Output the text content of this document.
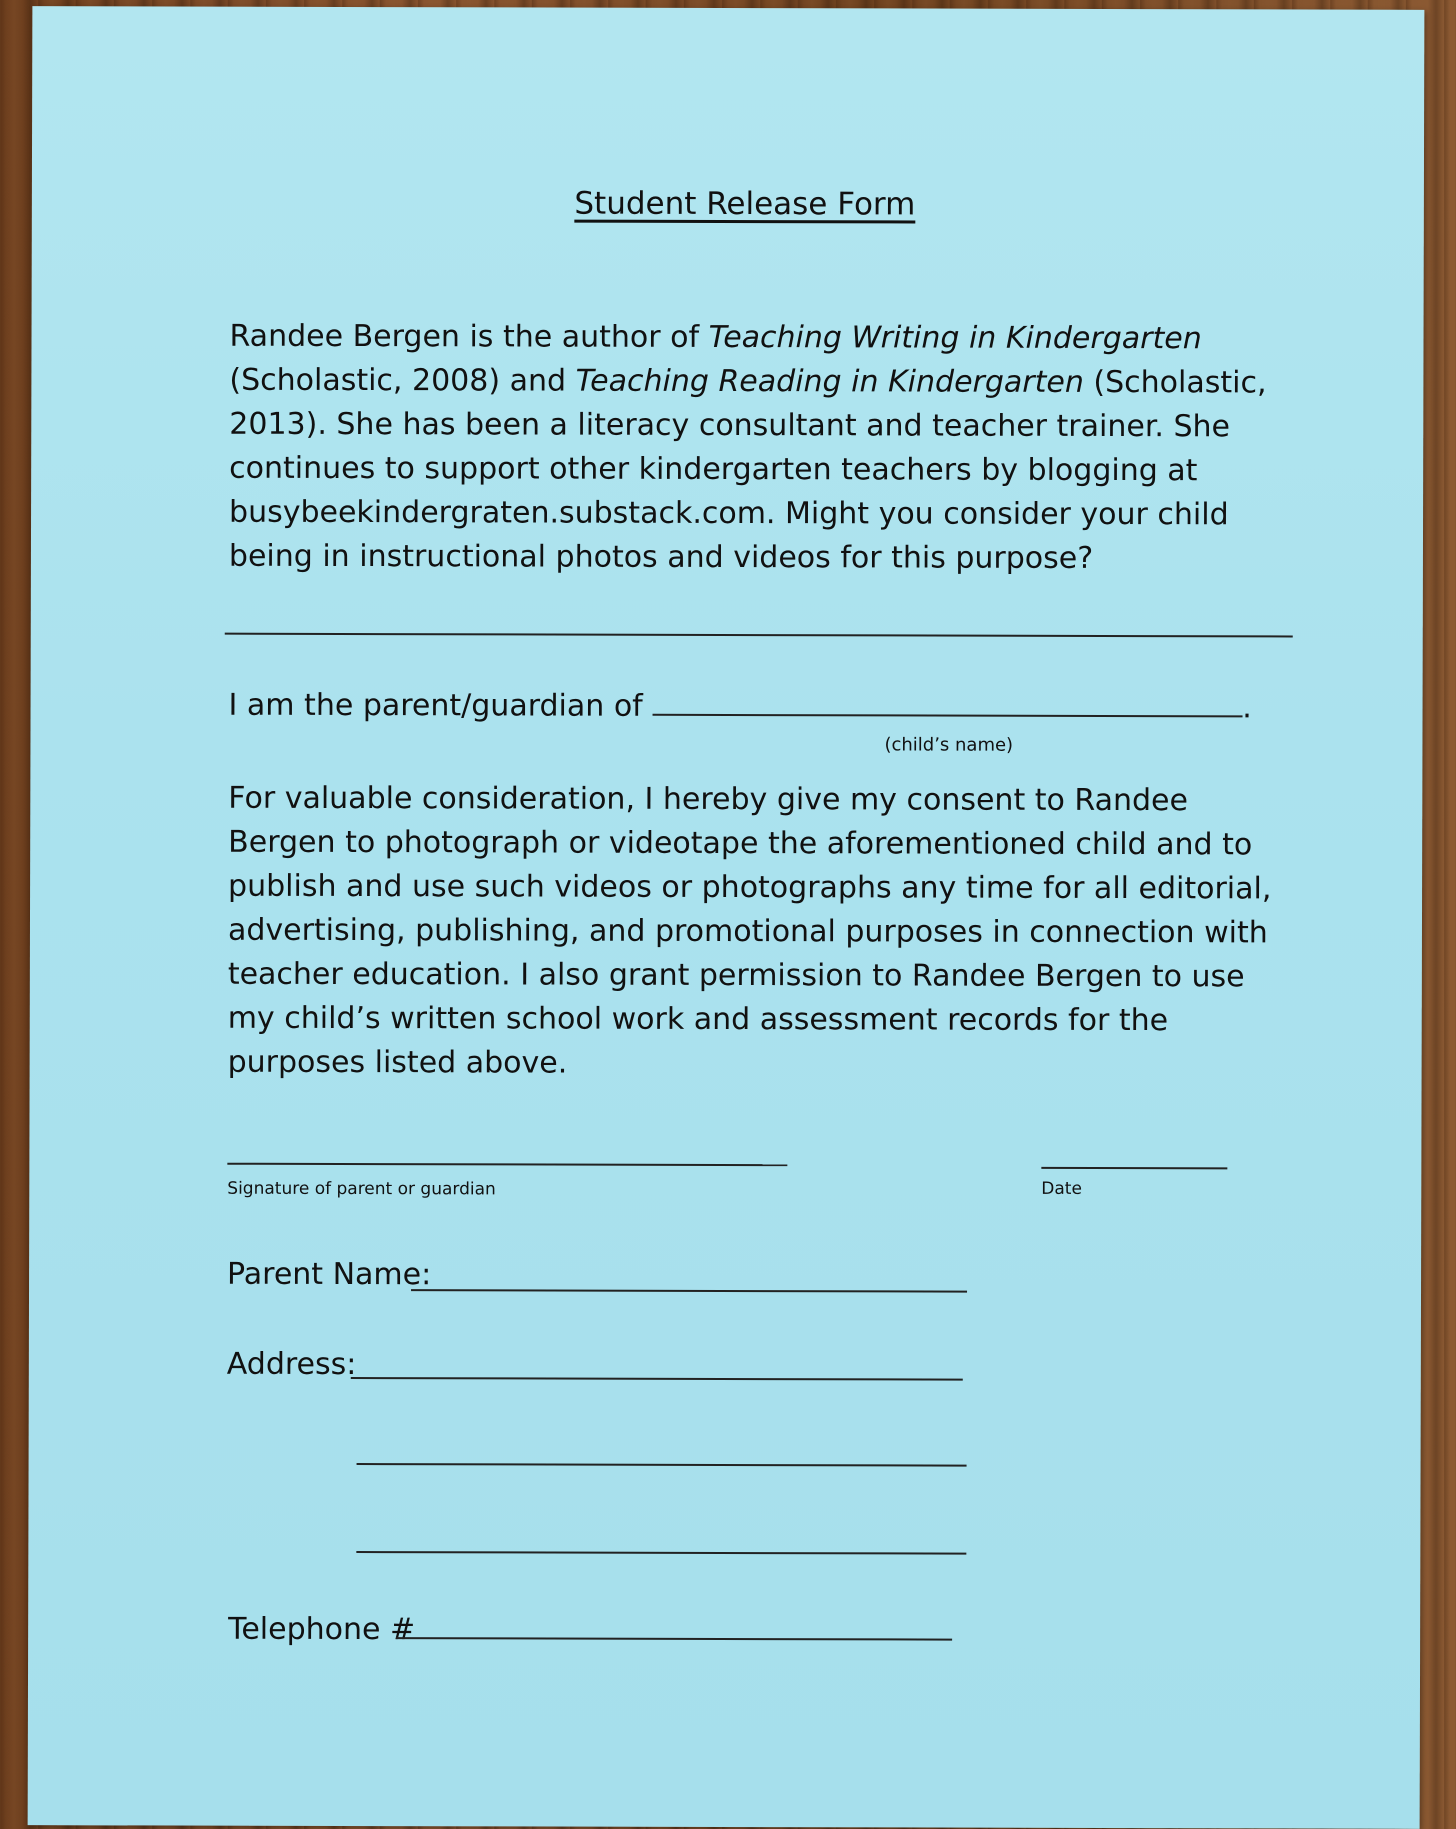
Student Release Form

Randee Bergen is the author of Teaching Writing in Kindergarten (Scholastic, 2008) and Teaching Reading in Kindergarten (Scholastic, 2013). She has been a literacy consultant and teacher trainer. She continues to support other kindergarten teachers by blogging at busybeekindergraten.substack.com. Might you consider your child being in instructional photos and videos for this purpose?

I am the parent/guardian of	.
(child’s name)

For valuable consideration, I hereby give my consent to Randee Bergen to photograph or videotape the aforementioned child and to publish and use such videos or photographs any time for all editorial, advertising, publishing, and promotional purposes in connection with teacher education. I also grant permission to Randee Bergen to use my child’s written school work and assessment records for the purposes listed above.

Signature of parent or guardian	Date
Parent Name:
Address:
Telephone #
